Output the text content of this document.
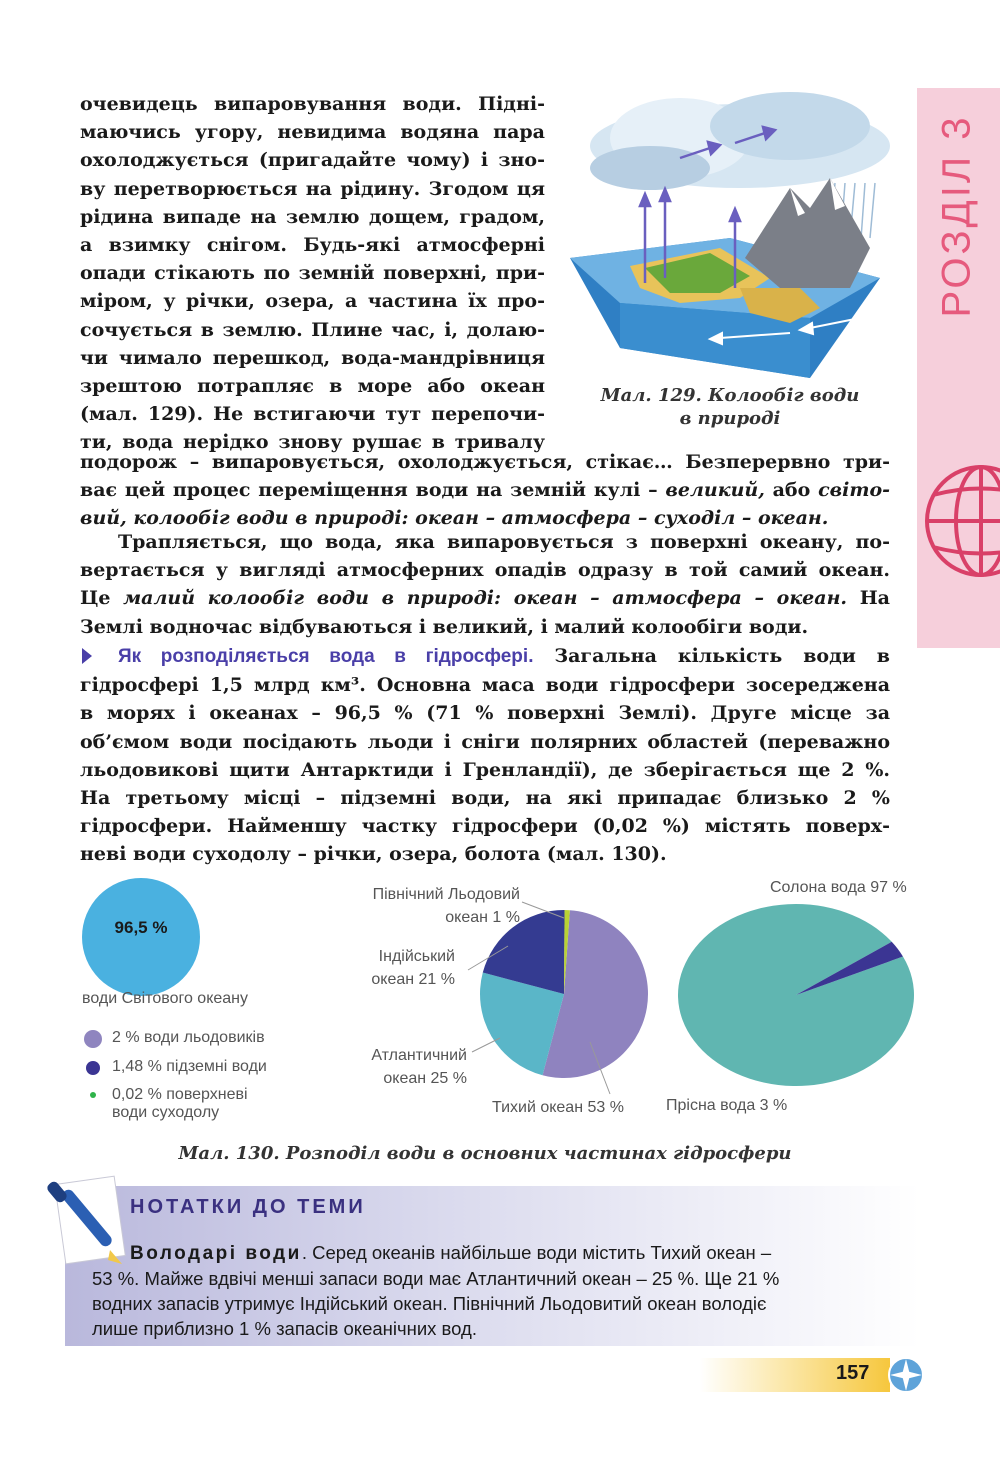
РОЗДІЛ 3
очевидець випаровування води. Підні-
маючись угору, невидима водяна пара
охолоджується (пригадайте чому) і зно-
ву перетворюється на рідину. Згодом ця
рідина випаде на землю дощем, градом,
а взимку снігом. Будь-які атмосферні
опади стікають по земній поверхні, при-
міром, у річки, озера, а частина їх про-
сочується в землю. Плине час, і, долаю-
чи чимало перешкод, вода-мандрівниця
зрештою потрапляє в море або океан
(мал. 129). Не встигаючи тут перепочи-
ти, вода нерідко знову рушає в тривалу
Мал. 129. Колообіг води
в природі
подорож – випаровується, охолоджується, стікає… Безперервно три-
ває цей процес переміщення води на земній кулі – великий, або світо-
вий, колообіг води в природі: океан – атмосфера – суходіл – океан.
Трапляється, що вода, яка випаровується з поверхні океану, по-
вертається у вигляді атмосферних опадів одразу в той самий океан.
Це малий колообіг води в природі: океан – атмосфера – океан. На
Землі водночас відбуваються і великий, і малий колообіги води.
Як розподіляється вода в гідросфері. Загальна кількість води в
гідросфері 1,5 млрд км³. Основна маса води гідросфери зосереджена
в морях і океанах – 96,5 % (71 % поверхні Землі). Друге місце за
об’ємом води посідають льоди і сніги полярних областей (переважно
льодовикові щити Антарктиди і Гренландії), де зберігається ще 2 %.
На третьому місці – підземні води, на які припадає близько 2 %
гідросфери. Найменшу частку гідросфери (0,02 %) містять поверх-
неві води суходолу – річки, озера, болота (мал. 130).
96,5 %
води Світового океану
2 % води льодовиків
1,48 % підземні води
0,02 % поверхневі
води суходолу
Північний Льодовий
океан 1 %
Індійський
океан 21 %
Атлантичний
океан 25 %
Тихий океан 53 %
Солона вода 97 %
Прісна вода 3 %
Мал. 130. Розподіл води в основних частинах гідросфери
НОТАТКИ ДО ТЕМИ
Володарі води. Серед океанів найбільше води містить Тихий океан –
53 %. Майже вдвічі менші запаси води має Атлантичний океан – 25 %. Ще 21 %
водних запасів утримує Індійський океан. Північний Льодовитий океан володіє
лише приблизно 1 % запасів океанічних вод.
157
